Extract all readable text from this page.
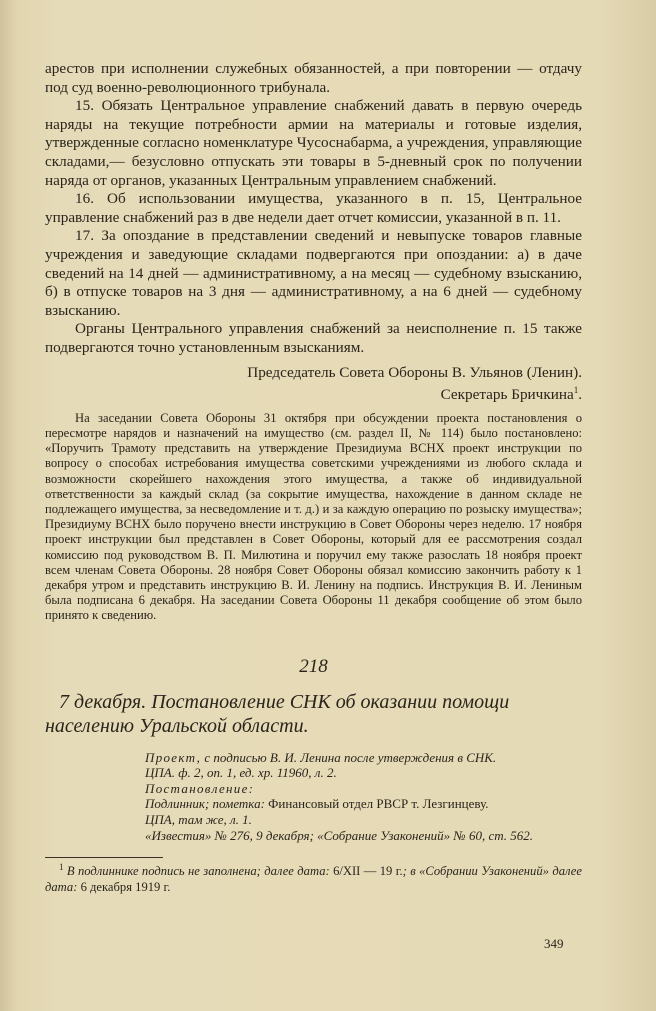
арестов при исполнении служебных обязанностей, а при повторении — отдачу под суд военно-революционного трибунала.

15. Обязать Центральное управление снабжений давать в первую очередь наряды на текущие потребности армии на материалы и готовые изделия, утвержденные согласно номенклатуре Чусоснабарма, а учреждения, управляющие складами,— безусловно отпускать эти товары в 5-дневный срок по получении наряда от органов, указанных Центральным управлением снабжений.

16. Об использовании имущества, указанного в п. 15, Центральное управление снабжений раз в две недели дает отчет комиссии, указанной в п. 11.

17. За опоздание в представлении сведений и невыпуске товаров главные учреждения и заведующие складами подвергаются при опоздании: а) в даче сведений на 14 дней — административному, а на месяц — судебному взысканию, б) в отпуске товаров на 3 дня — административному, а на 6 дней — судебному взысканию.

Органы Центрального управления снабжений за неисполнение п. 15 также подвергаются точно установленным взысканиям.

Председатель Совета Обороны В. Ульянов (Ленин).

Секретарь Бричкина$^1$.

На заседании Совета Обороны 31 октября при обсуждении проекта постановления о пересмотре нарядов и назначений на имущество (см. раздел II, № 114) было постановлено: «Поручить Трамоту представить на утверждение Президиума ВСНХ проект инструкции по вопросу о способах истребования имущества советскими учреждениями из любого склада и возможности скорейшего нахождения этого имущества, а также об индивидуальной ответственности за каждый склад (за сокрытие имущества, нахождение в данном складе не подлежащего имущества, за несведомление и т. д.) и за каждую операцию по розыску имущества»; Президиуму ВСНХ было поручено внести инструкцию в Совет Обороны через неделю. 17 ноября проект инструкции был представлен в Совет Обороны, который для ее рассмотрения создал комиссию под руководством В. П. Милютина и поручил ему также разослать 18 ноября проект всем членам Совета Обороны. 28 ноября Совет Обороны обязал комиссию закончить работу к 1 декабря утром и представить инструкцию В. И. Ленину на подпись. Инструкция В. И. Лениным была подписана 6 декабря. На заседании Совета Обороны 11 декабря сообщение об этом было принято к сведению.

218

7 декабря. Постановление СНК об оказании помощи населению Уральской области.

Проект, с подписью В. И. Ленина после утверждения в СНК.
ЦПА. ф. 2, оп. 1, ед. хр. 11960, л. 2.
Постановление:
Подлинник; пометка: Финансовый отдел РВСР т. Лезгинцеву.
ЦПА, там же, л. 1.
«Известия» № 276, 9 декабря; «Собрание Узаконений» № 60, ст. 562.

$^1$ В подлиннике подпись не заполнена; далее дата: 6/XII — 19 г.; в «Собрании Узаконений» далее дата: 6 декабря 1919 г.

349
